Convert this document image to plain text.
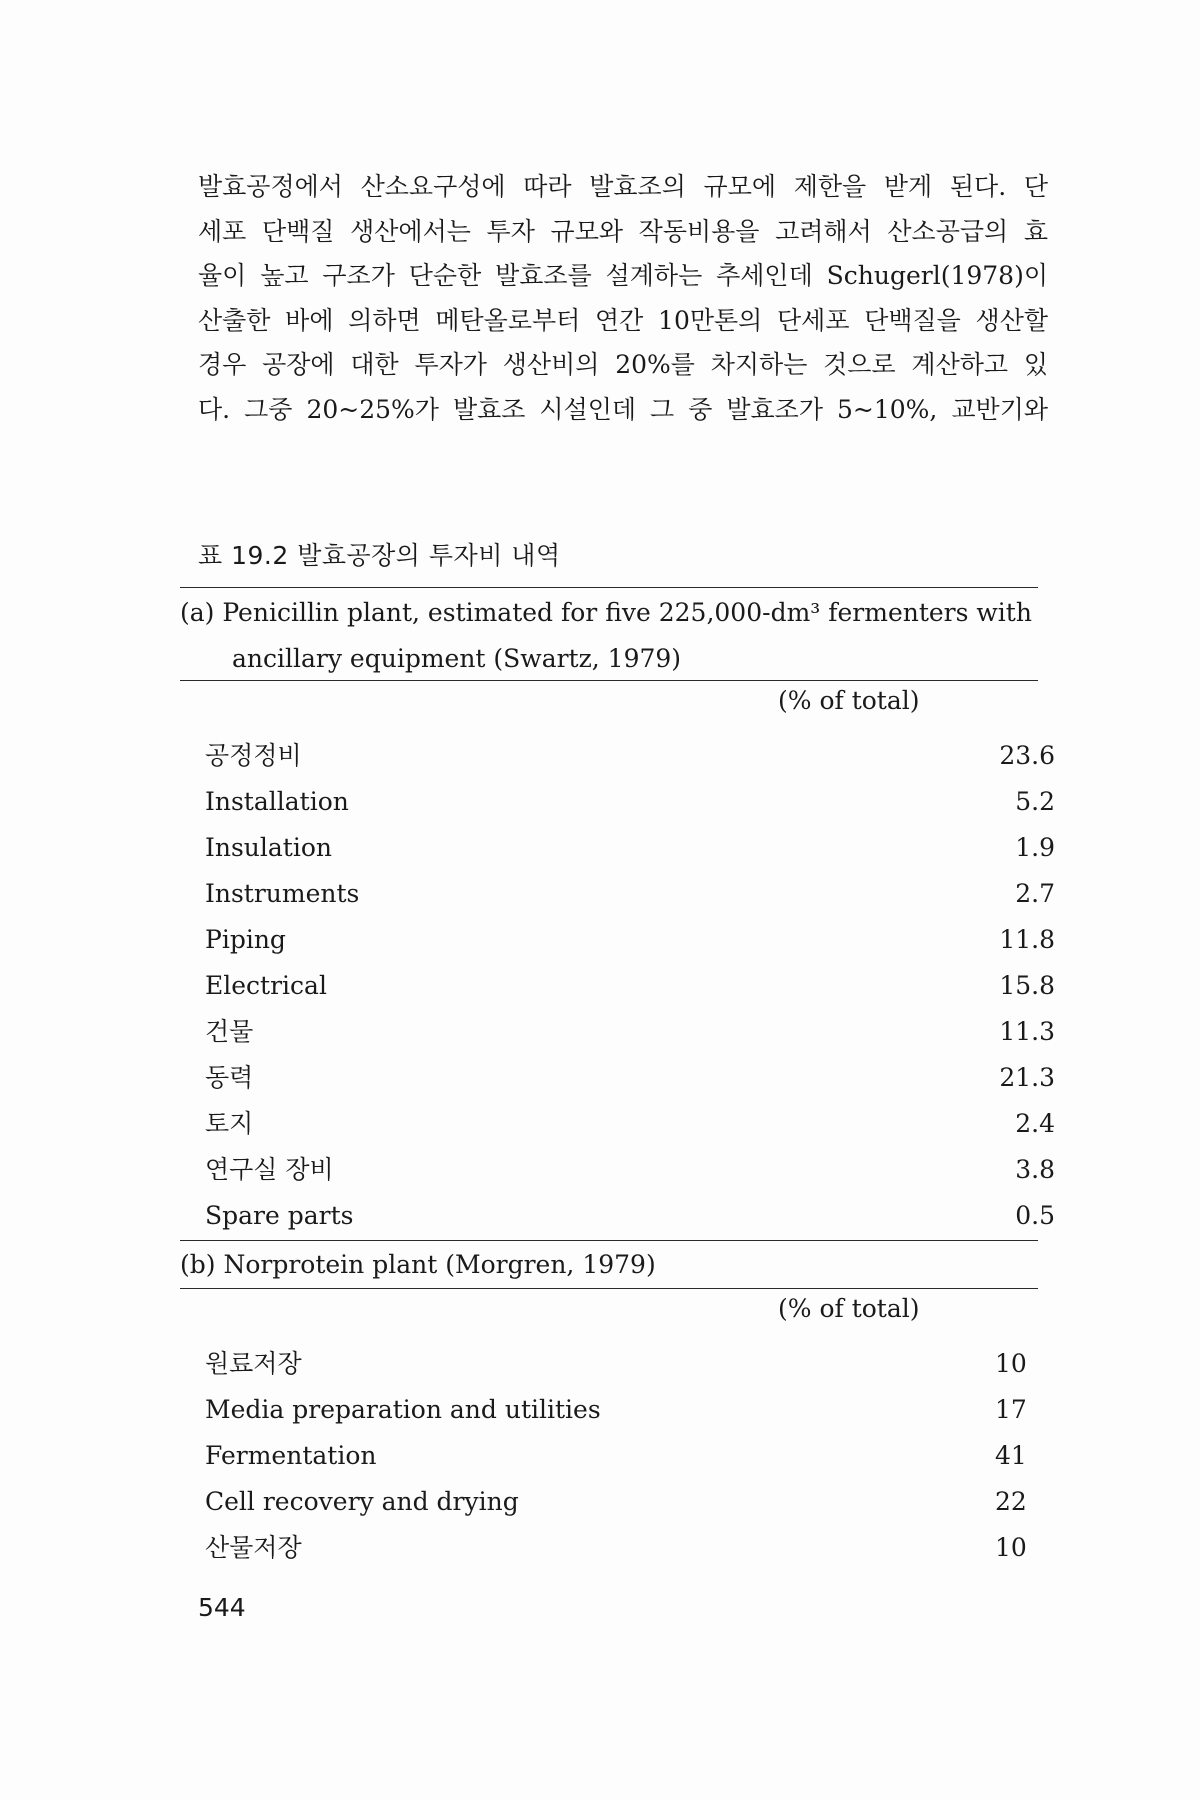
발효공정에서 산소요구성에 따라 발효조의 규모에 제한을 받게 된다. 단
세포 단백질 생산에서는 투자 규모와 작동비용을 고려해서 산소공급의 효
율이 높고 구조가 단순한 발효조를 설계하는 추세인데 Schugerl(1978)이
산출한 바에 의하면 메탄올로부터 연간 10만톤의 단세포 단백질을 생산할
경우 공장에 대한 투자가 생산비의 20%를 차지하는 것으로 계산하고 있
다. 그중 20~25%가 발효조 시설인데 그 중 발효조가 5~10%, 교반기와
표 19.2 발효공장의 투자비 내역
(a) Penicillin plant, estimated for five 225,000-dm³ fermenters with
ancillary equipment (Swartz, 1979)
(% of total)
공정정비	23.6
Installation	5.2
Insulation	1.9
Instruments	2.7
Piping	11.8
Electrical	15.8
건물	11.3
동력	21.3
토지	2.4
연구실 장비	3.8
Spare parts	0.5
(b) Norprotein plant (Morgren, 1979)
(% of total)
원료저장	10
Media preparation and utilities	17
Fermentation	41
Cell recovery and drying	22
산물저장	10
544
